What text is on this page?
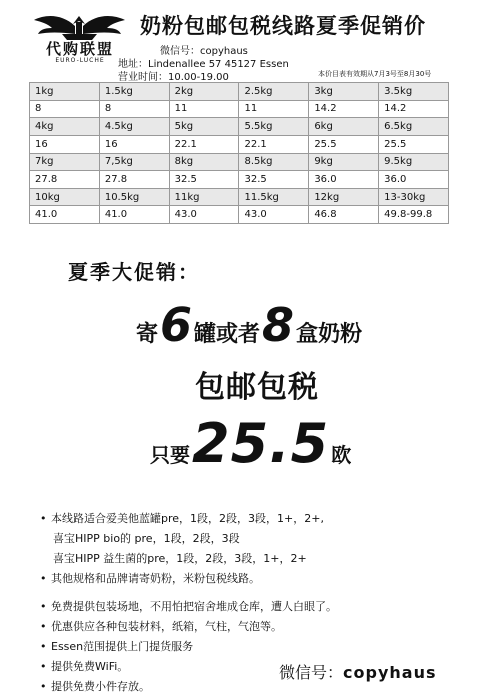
代购联盟
EURO-LUCHE
奶粉包邮包税线路夏季促销价
微信号：copyhaus
地址：Lindenallee 57 45127 Essen
营业时间：10.00-19.00	本价目表有效期从7月3号至8月30号
1kg	1.5kg	2kg	2.5kg	3kg	3.5kg
8	8	11	11	14.2	14.2
4kg	4.5kg	5kg	5.5kg	6kg	6.5kg
16	16	22.1	22.1	25.5	25.5
7kg	7,5kg	8kg	8.5kg	9kg	9.5kg
27.8	27.8	32.5	32.5	36.0	36.0
10kg	10.5kg	11kg	11.5kg	12kg	13-30kg
41.0	41.0	43.0	43.0	46.8	49.8-99.8
夏季大促销：
寄6罐或者8盒奶粉
包邮包税
只要25.5 欧
• 本线路适合爱美他蓝罐pre，1段，2段，3段，1+，2+,
喜宝HIPP bio的 pre，1段，2段，3段
喜宝HIPP 益生菌的pre，1段，2段，3段，1+，2+
• 其他规格和品牌请寄奶粉，米粉包税线路。
• 免费提供包装场地，不用怕把宿舍堆成仓库，遭人白眼了。
• 优惠供应各种包装材料，纸箱，气柱，气泡等。
• Essen范围提供上门提货服务
• 提供免费WiFi。
• 提供免费小件存放。
微信号：copyhaus
